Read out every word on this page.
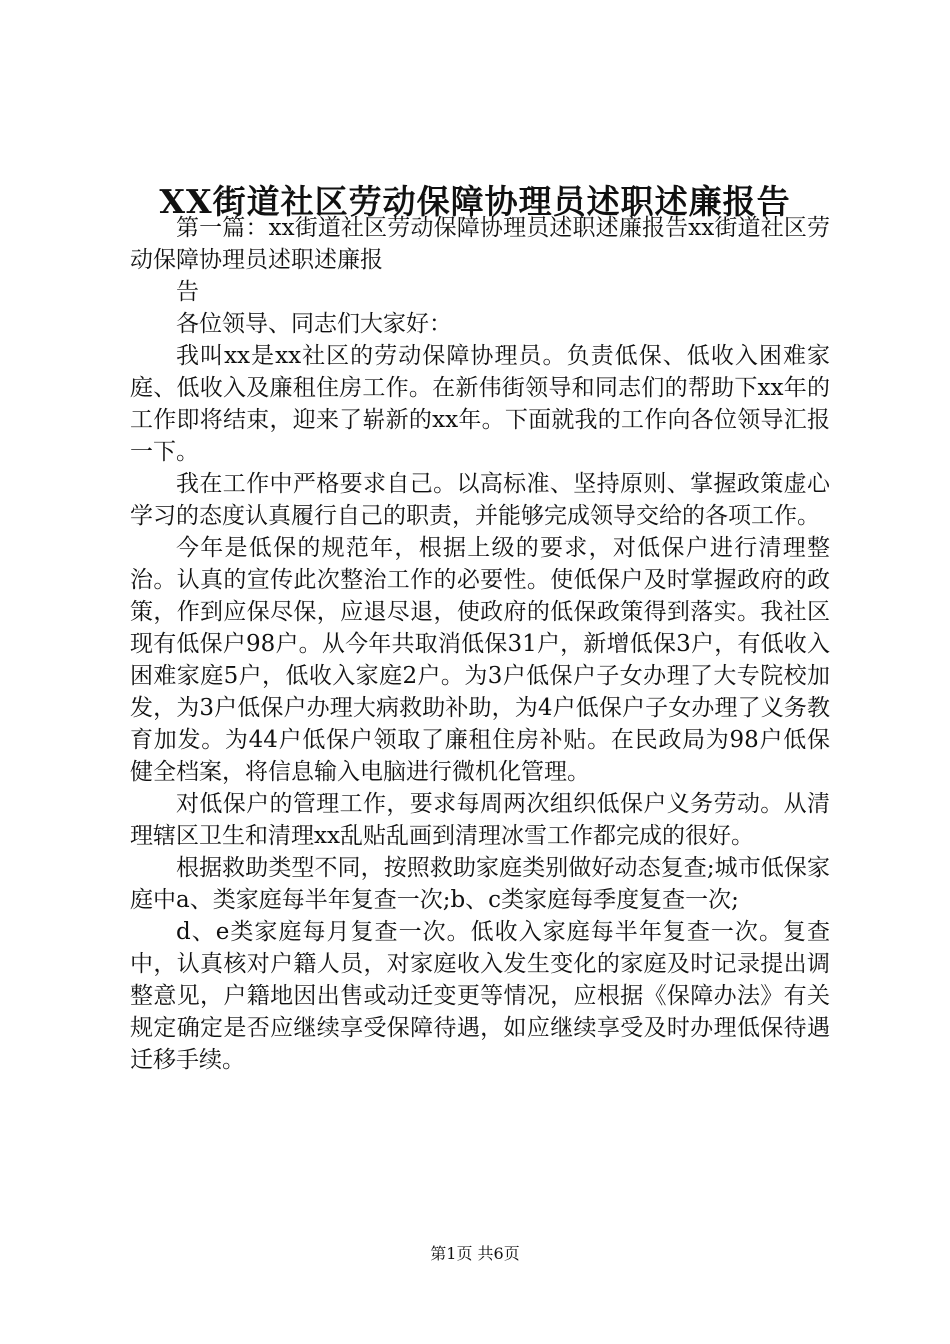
XX街道社区劳动保障协理员述职述廉报告

第一篇：xx街道社区劳动保障协理员述职述廉报告xx街道社区劳动保障协理员述职述廉报

告

各位领导、同志们大家好：

我叫xx是xx社区的劳动保障协理员。负责低保、低收入困难家庭、低收入及廉租住房工作。在新伟街领导和同志们的帮助下xx年的工作即将结束，迎来了崭新的xx年。下面就我的工作向各位领导汇报一下。

我在工作中严格要求自己。以高标准、坚持原则、掌握政策虚心学习的态度认真履行自己的职责，并能够完成领导交给的各项工作。

今年是低保的规范年，根据上级的要求，对低保户进行清理整治。认真的宣传此次整治工作的必要性。使低保户及时掌握政府的政策，作到应保尽保，应退尽退，使政府的低保政策得到落实。我社区现有低保户98户。从今年共取消低保31户，新增低保3户，有低收入困难家庭5户，低收入家庭2户。为3户低保户子女办理了大专院校加发，为3户低保户办理大病救助补助，为4户低保户子女办理了义务教育加发。为44户低保户领取了廉租住房补贴。在民政局为98户低保健全档案，将信息输入电脑进行微机化管理。

对低保户的管理工作，要求每周两次组织低保户义务劳动。从清理辖区卫生和清理xx乱贴乱画到清理冰雪工作都完成的很好。

根据救助类型不同，按照救助家庭类别做好动态复查;城市低保家庭中a、类家庭每半年复查一次;b、c类家庭每季度复查一次;

d、e类家庭每月复查一次。低收入家庭每半年复查一次。复查中，认真核对户籍人员，对家庭收入发生变化的家庭及时记录提出调整意见，户籍地因出售或动迁变更等情况，应根据《保障办法》有关规定确定是否应继续享受保障待遇，如应继续享受及时办理低保待遇迁移手续。

第1页 共6页
